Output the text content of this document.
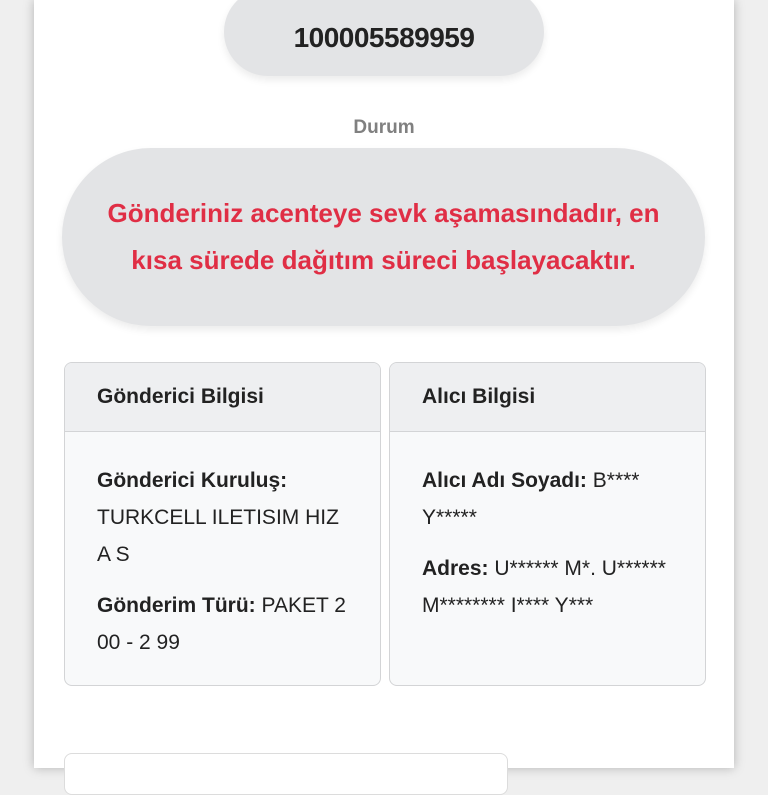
100005589959
Durum
Gönderiniz acenteye sevk aşamasındadır, en kısa sürede dağıtım süreci başlayacaktır.
Gönderici Bilgisi

Gönderici Kuruluş: TURKCELL ILETISIM HIZ A S

Gönderim Türü: PAKET 2 00 - 2 99

Alıcı Bilgisi

Alıcı Adı Soyadı: B**** Y*****

Adres: U****** M*. U****** M******** I**** Y***
